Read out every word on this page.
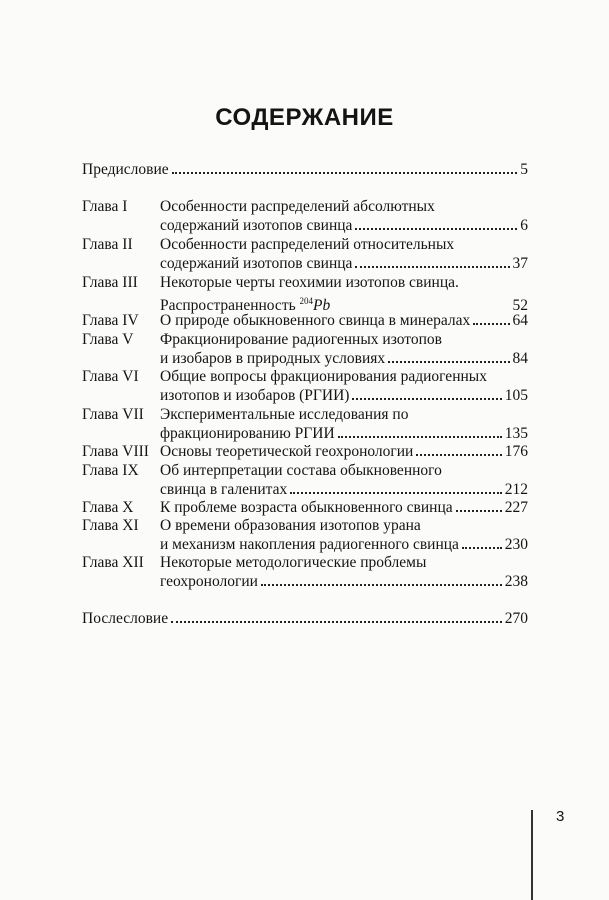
СОДЕРЖАНИЕ
Предисловие	5
Глава I Особенности распределений абсолютных
содержаний изотопов свинца	6
Глава II Особенности распределений относительных
содержаний изотопов свинца	37
Глава III Некоторые черты геохимии изотопов свинца.
Распространенность $^{204}$Pb	52
Глава IV О природе обыкновенного свинца в минералах	64
Глава V Фракционирование радиогенных изотопов
и изобаров в природных условиях	84
Глава VI Общие вопросы фракционирования радиогенных
изотопов и изобаров (РГИИ)	105
Глава VII Экспериментальные исследования по
фракционированию РГИИ	135
Глава VIII Основы теоретической геохронологии	176
Глава IX Об интерпретации состава обыкновенного
свинца в галенитах	212
Глава X К проблеме возраста обыкновенного свинца	227
Глава XI О времени образования изотопов урана
и механизм накопления радиогенного свинца	230
Глава XII Некоторые методологические проблемы
геохронологии	238
Послесловие	270
3
